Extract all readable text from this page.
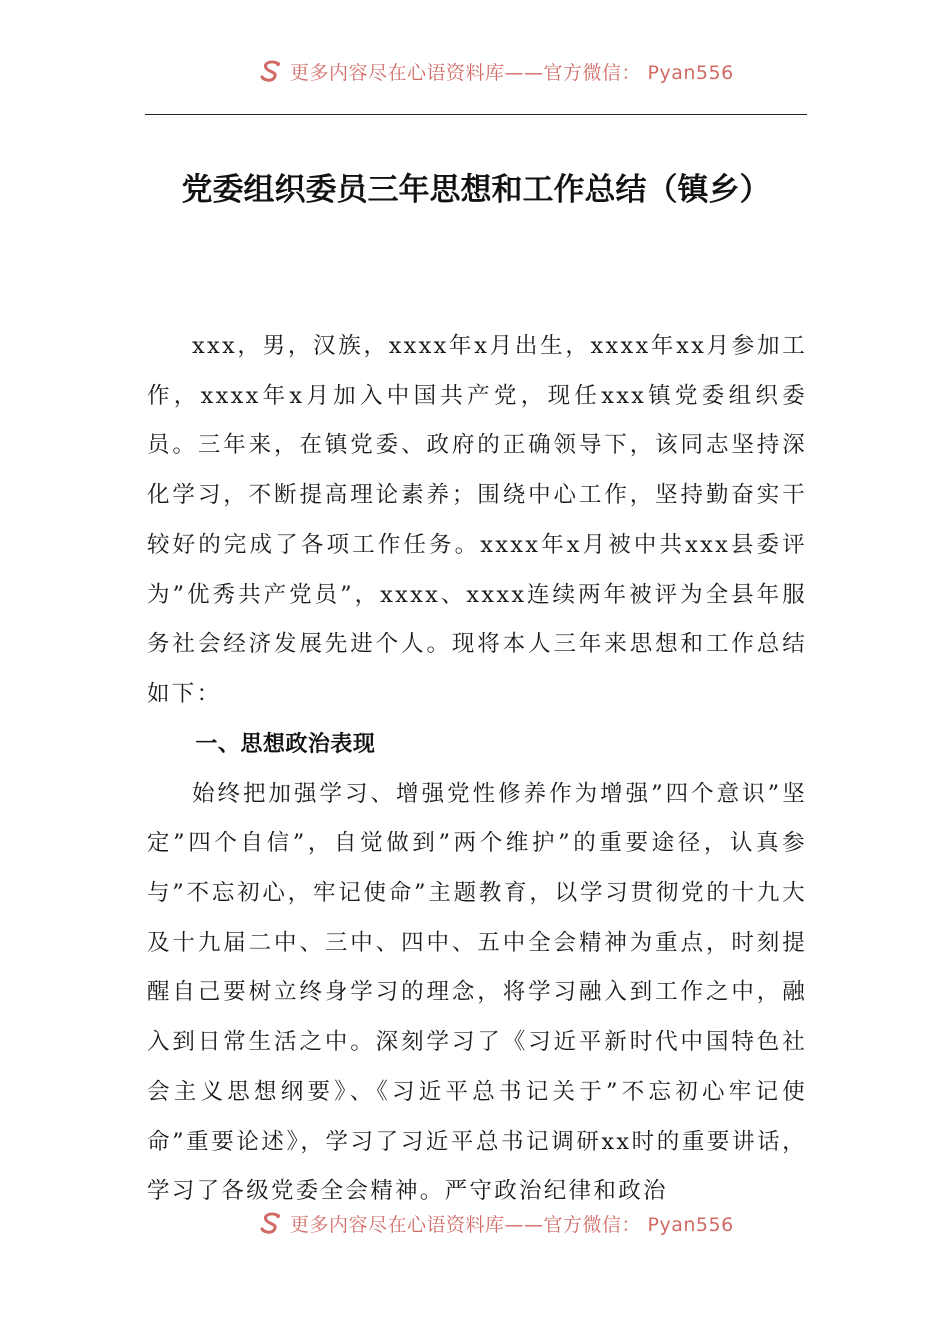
更多内容尽在心语资料库——官方微信： Pyan556
党委组织委员三年思想和工作总结（镇乡）

xxx，男，汉族，xxxx年x月出生，xxxx年xx月参加工作，xxxx年x月加入中国共产党，现任xxx镇党委组织委员。三年来，在镇党委、政府的正确领导下，该同志坚持深化学习，不断提高理论素养；围绕中心工作，坚持勤奋实干较好的完成了各项工作任务。xxxx年x月被中共xxx县委评为”优秀共产党员”，xxxx、xxxx连续两年被评为全县年服务社会经济发展先进个人。现将本人三年来思想和工作总结如下：

一、思想政治表现

始终把加强学习、增强党性修养作为增强”四个意识”坚定”四个自信”，自觉做到”两个维护”的重要途径，认真参与”不忘初心，牢记使命”主题教育，以学习贯彻党的十九大及十九届二中、三中、四中、五中全会精神为重点，时刻提醒自己要树立终身学习的理念，将学习融入到工作之中，融入到日常生活之中。深刻学习了《习近平新时代中国特色社会主义思想纲要》、《习近平总书记关于”不忘初心牢记使命”重要论述》，学习了习近平总书记调研xx时的重要讲话，学习了各级党委全会精神。严守政治纪律和政治

更多内容尽在心语资料库——官方微信： Pyan556
